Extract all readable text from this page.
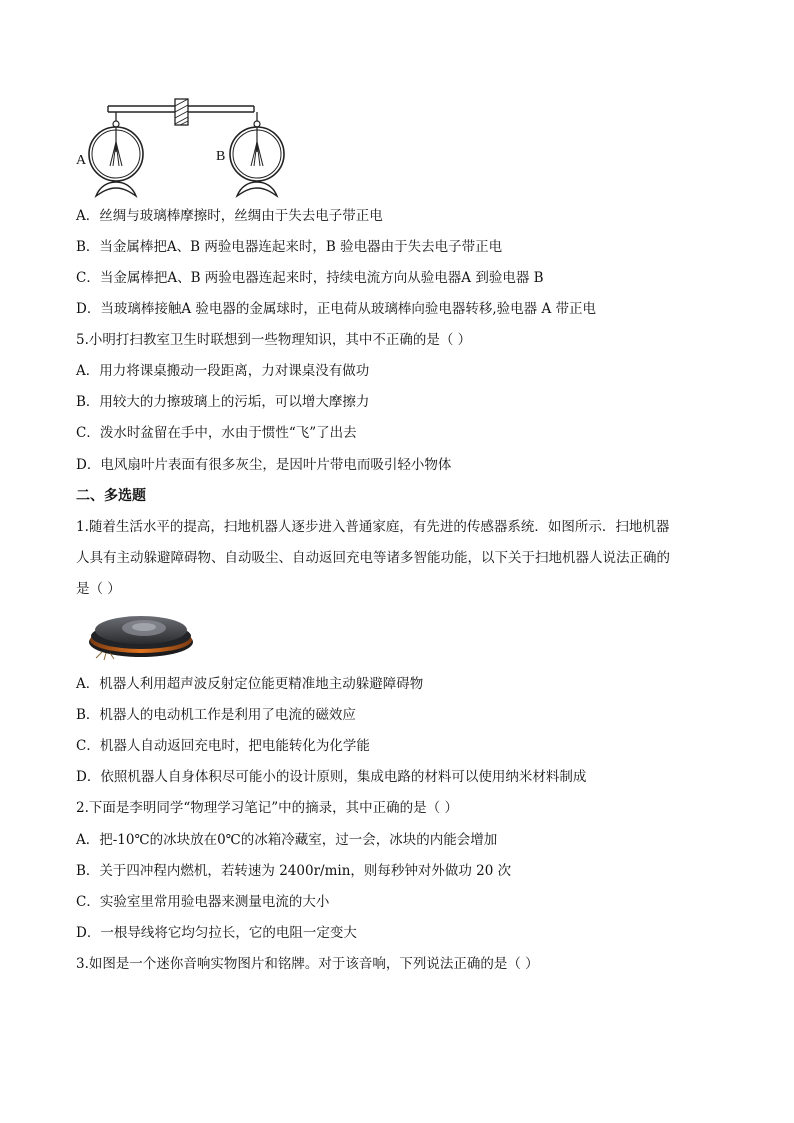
A	B
A．丝绸与玻璃棒摩擦时，丝绸由于失去电子带正电
B．当金属棒把A、B 两验电器连起来时，B 验电器由于失去电子带正电
C．当金属棒把A、B 两验电器连起来时，持续电流方向从验电器A 到验电器 B
D．当玻璃棒接触A 验电器的金属球时，正电荷从玻璃棒向验电器转移,验电器 A 带正电
5.小明打扫教室卫生时联想到一些物理知识，其中不正确的是（ ）
A．用力将课桌搬动一段距离，力对课桌没有做功
B．用较大的力擦玻璃上的污垢，可以增大摩擦力
C．泼水时盆留在手中，水由于惯性“飞”了出去
D．电风扇叶片表面有很多灰尘，是因叶片带电而吸引轻小物体
二、多选题
1.随着生活水平的提高，扫地机器人逐步进入普通家庭，有先进的传感器系统．如图所示．扫地机器
人具有主动躲避障碍物、自动吸尘、自动返回充电等诸多智能功能，以下关于扫地机器人说法正确的
是（ ）
A．机器人利用超声波反射定位能更精准地主动躲避障碍物
B．机器人的电动机工作是利用了电流的磁效应
C．机器人自动返回充电时，把电能转化为化学能
D．依照机器人自身体积尽可能小的设计原则，集成电路的材料可以使用纳米材料制成
2.下面是李明同学“物理学习笔记”中的摘录，其中正确的是（ ）
A．把-10℃的冰块放在0℃的冰箱冷藏室，过一会，冰块的内能会增加
B．关于四冲程内燃机，若转速为 2400r/min，则每秒钟对外做功 20 次
C．实验室里常用验电器来测量电流的大小
D．一根导线将它均匀拉长，它的电阻一定变大
3.如图是一个迷你音响实物图片和铭牌。对于该音响，下列说法正确的是（ ）
